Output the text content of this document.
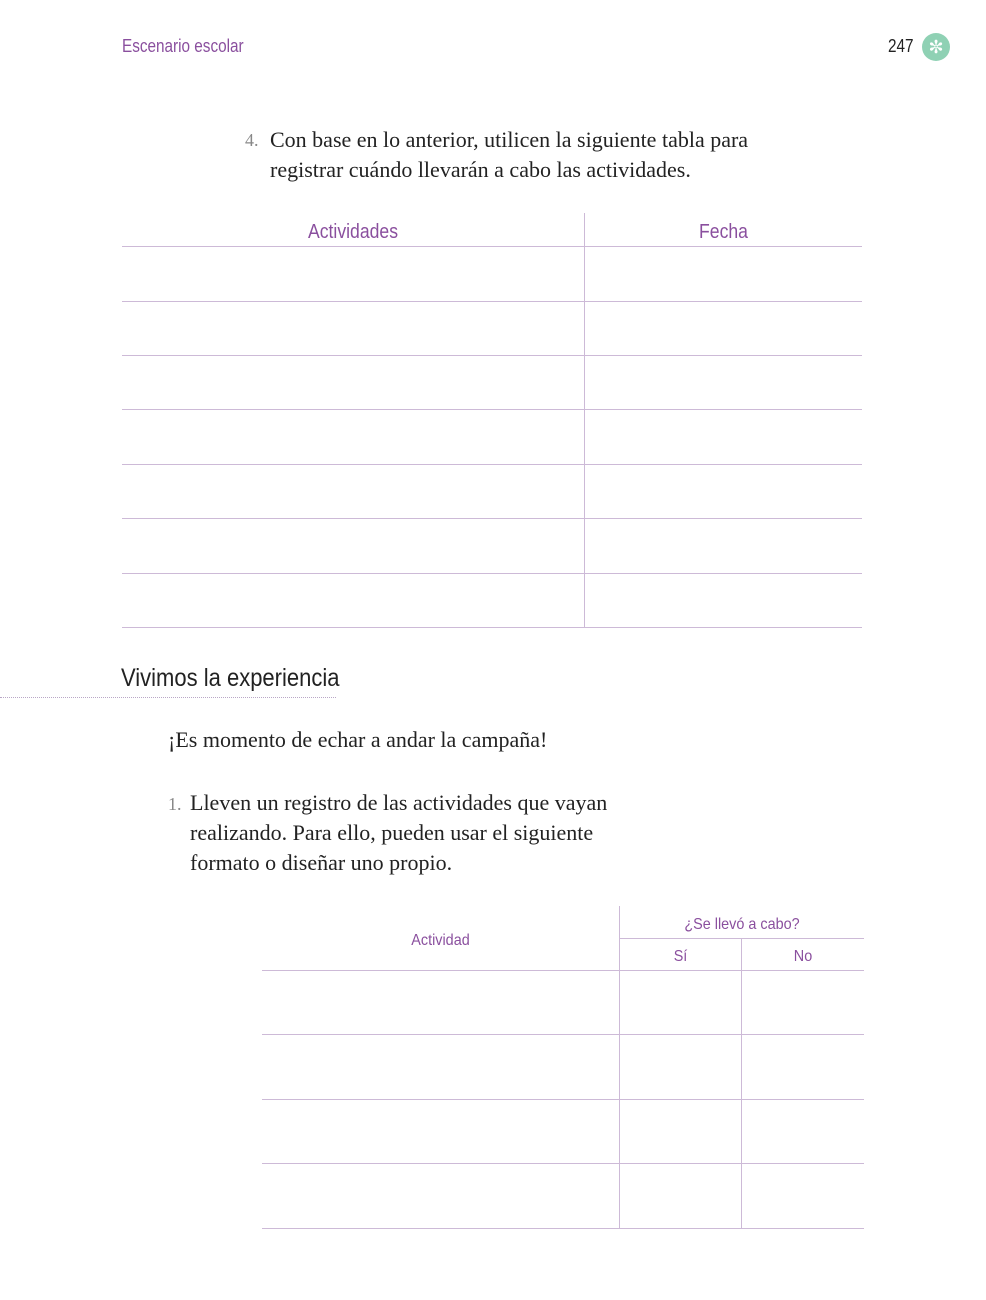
Escenario escolar	247 ✼
4. Con base en lo anterior, utilicen la siguiente tabla para registrar cuándo llevarán a cabo las actividades.
Actividades	Fecha
Vivimos la experiencia
¡Es momento de echar a andar la campaña!
1. Lleven un registro de las actividades que vayan realizando. Para ello, pueden usar el siguiente formato o diseñar uno propio.
Actividad
¿Se llevó a cabo?
Sí	No
